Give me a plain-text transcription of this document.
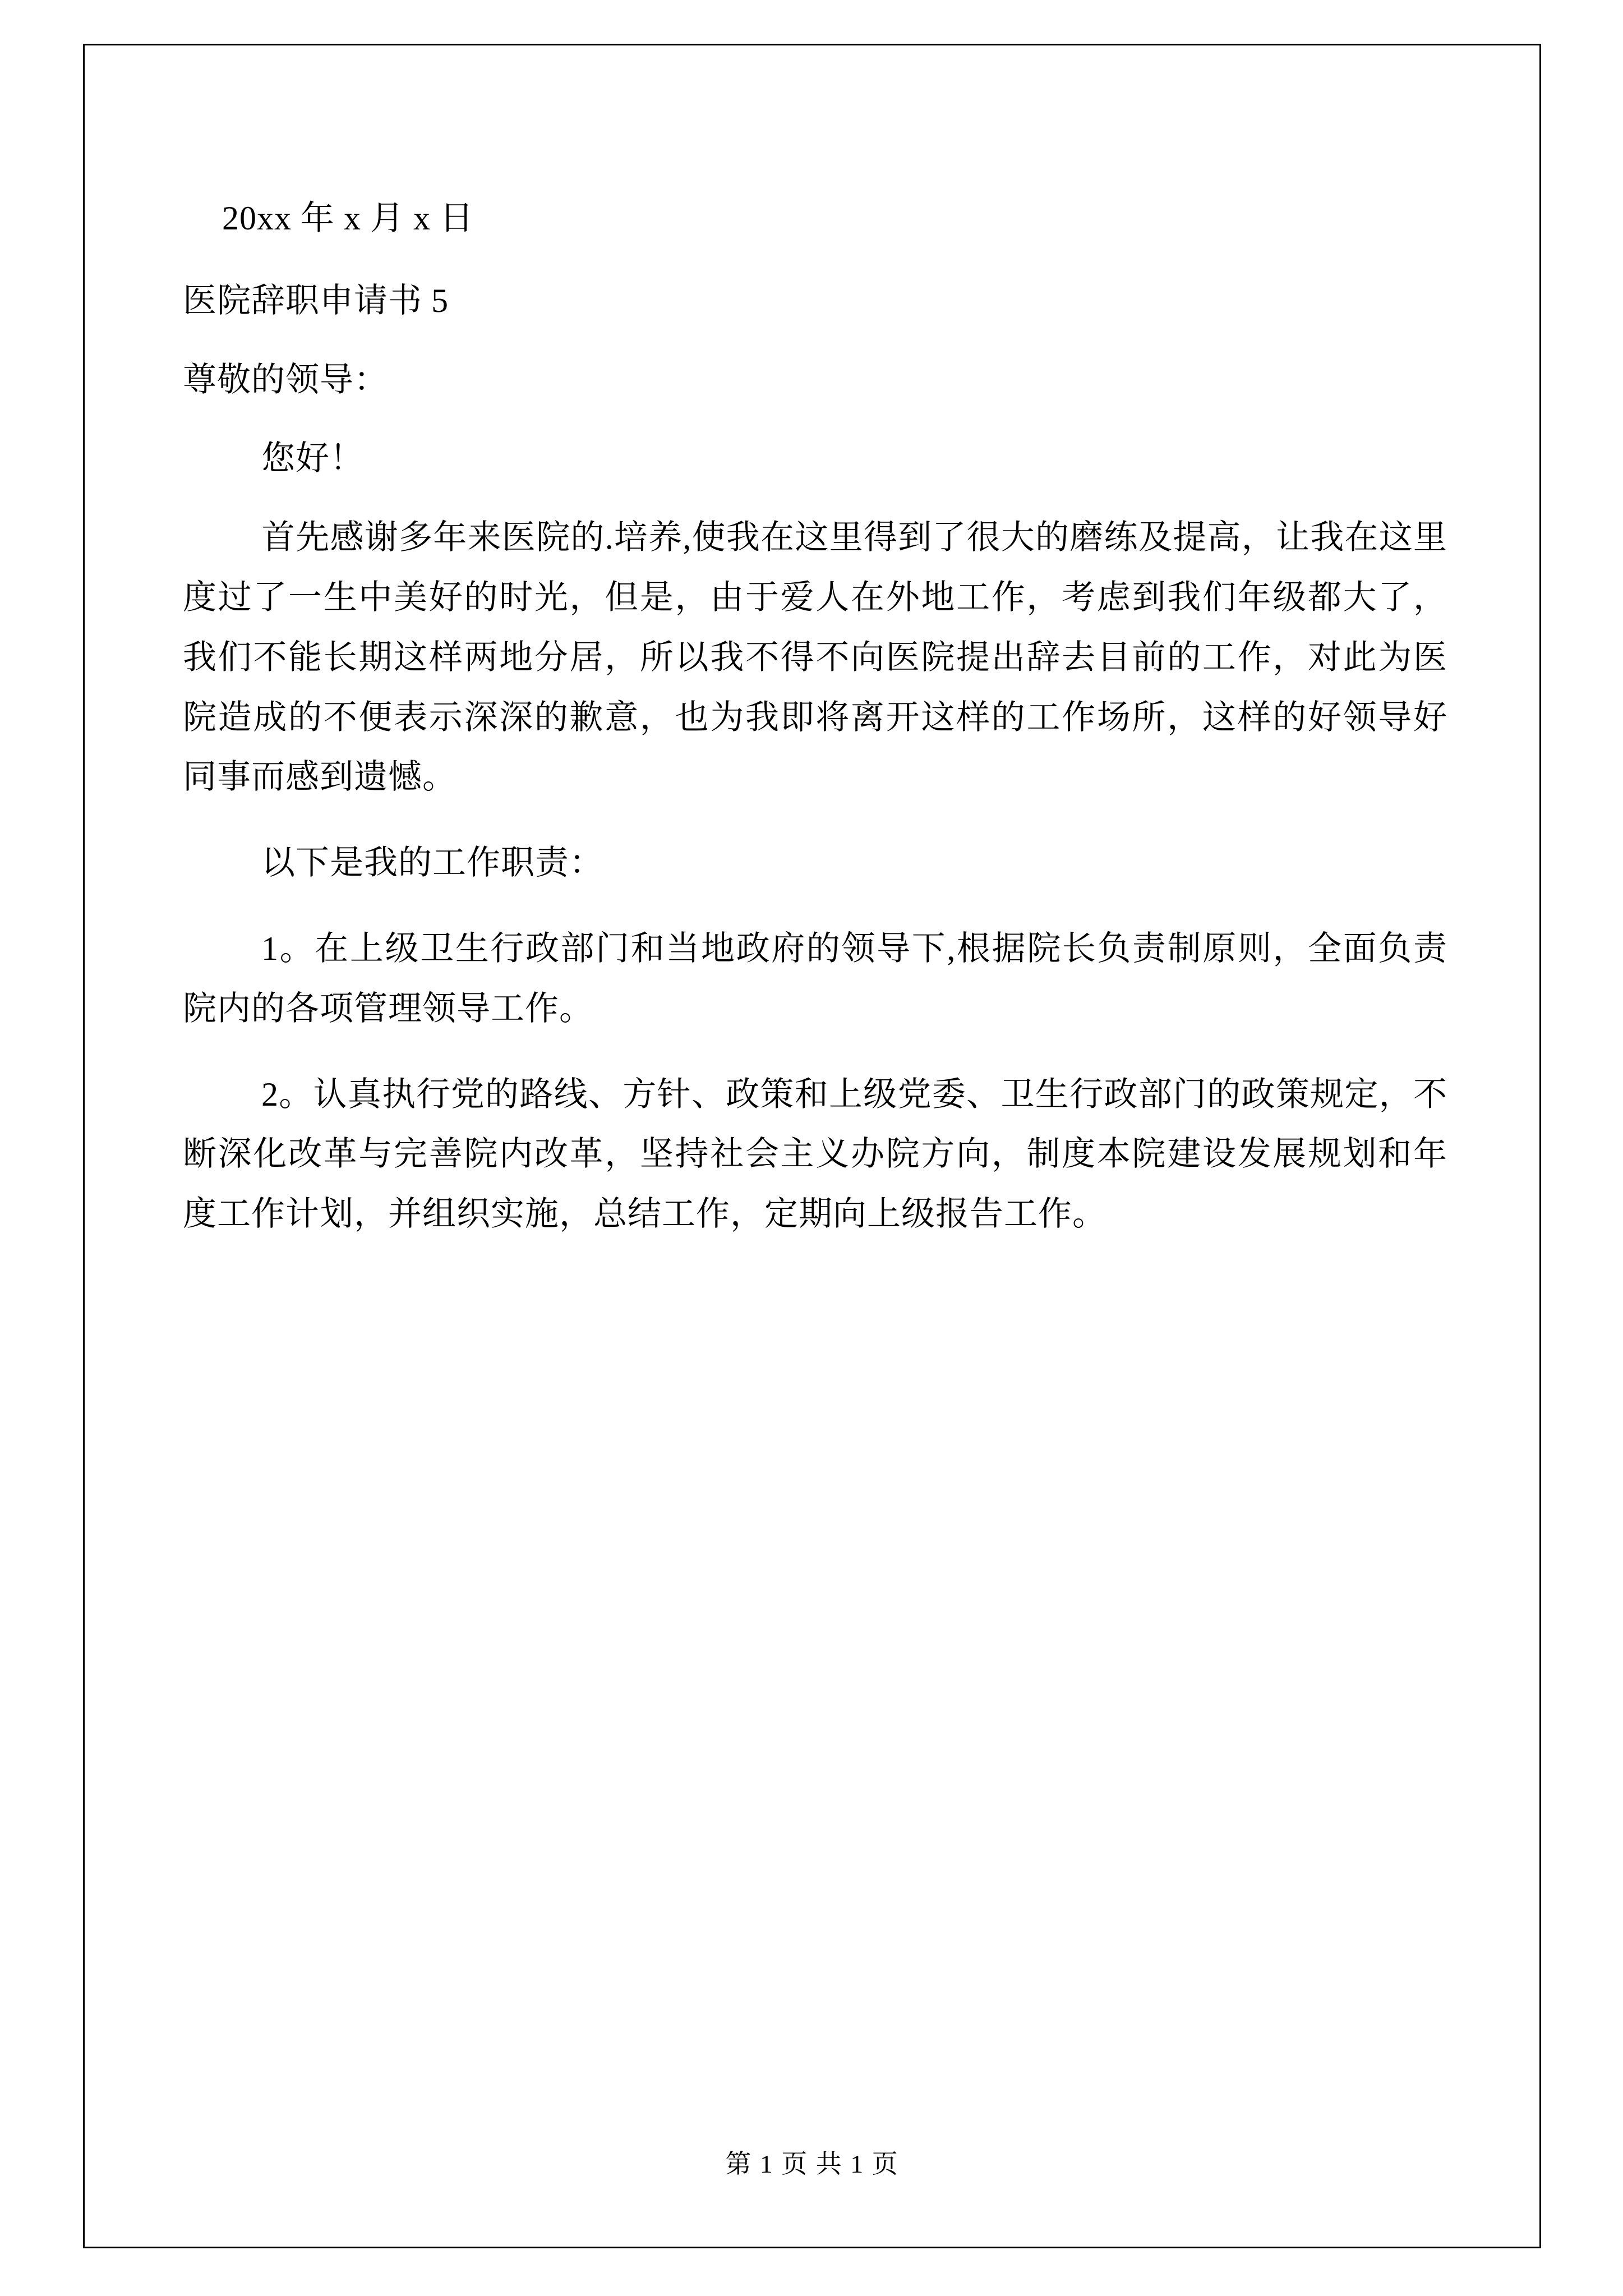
20xx 年 x 月 x 日

医院辞职申请书 5

尊敬的领导：

您好！

首先感谢多年来医院的.培养,使我在这里得到了很大的磨练及提高，让我在这里度过了一生中美好的时光，但是，由于爱人在外地工作，考虑到我们年级都大了，我们不能长期这样两地分居，所以我不得不向医院提出辞去目前的工作，对此为医院造成的不便表示深深的歉意，也为我即将离开这样的工作场所，这样的好领导好同事而感到遗憾。

以下是我的工作职责：

1。在上级卫生行政部门和当地政府的领导下,根据院长负责制原则，全面负责院内的各项管理领导工作。

2。认真执行党的路线、方针、政策和上级党委、卫生行政部门的政策规定，不断深化改革与完善院内改革，坚持社会主义办院方向，制度本院建设发展规划和年度工作计划，并组织实施，总结工作，定期向上级报告工作。

第 1 页 共 1 页
